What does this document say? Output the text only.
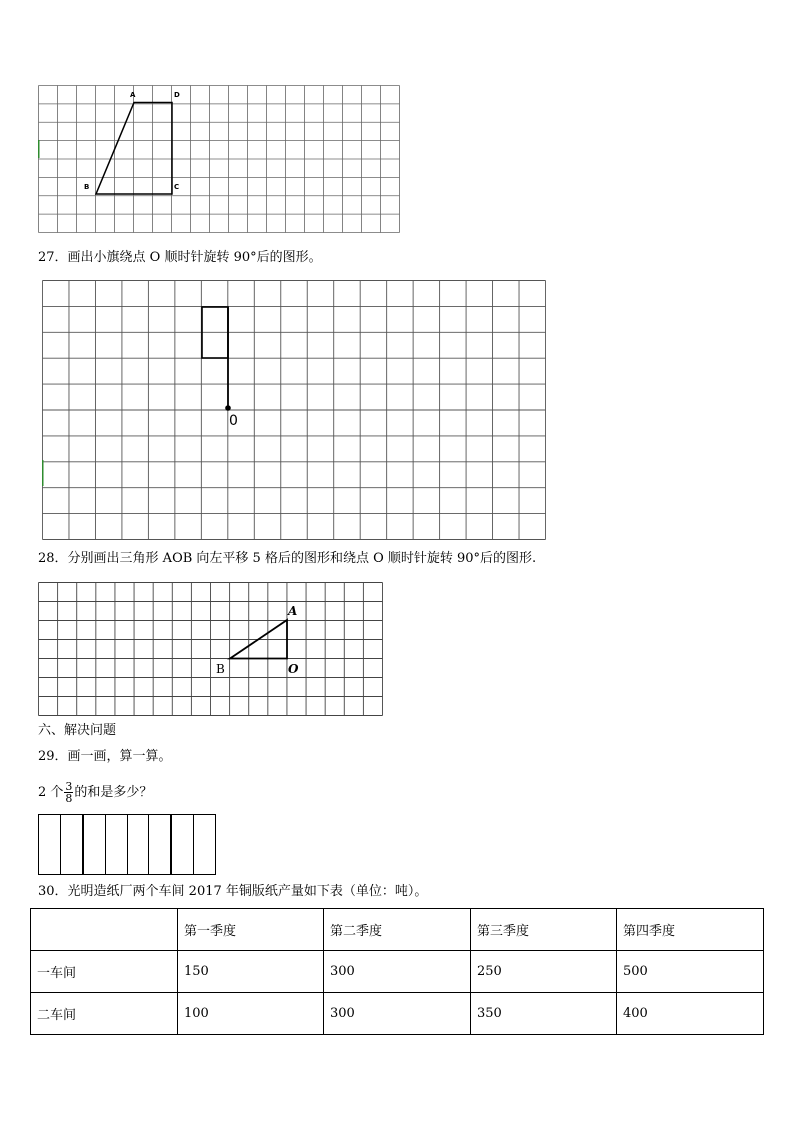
A	D
B	C
27．画出小旗绕点 O 顺时针旋转 90°后的图形。
0
28．分别画出三角形 AOB 向左平移 5 格后的图形和绕点 O 顺时针旋转 90°后的图形.
A
B	O
六、解决问题
29．画一画，算一算。
2 个 $\frac{3}{8}$ 的和是多少？
30．光明造纸厂两个车间 2017 年铜版纸产量如下表（单位：吨）。
	第一季度	第二季度	第三季度	第四季度
一车间	150	300	250	500
二车间	100	300	350	400
